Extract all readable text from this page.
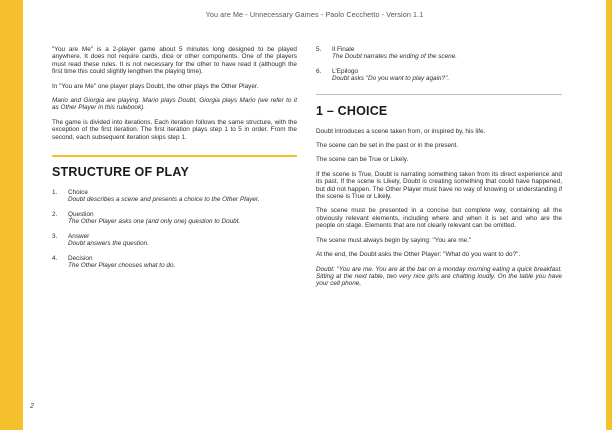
You are Me - Unnecessary Games - Paolo Cecchetto - Version 1.1

"You are Me" is a 2-player game about 5 minutes long designed to be played anywhere. It does not require cards, dice or other components. One of the players must read these rules. It is not necessary for the other to have read it (although the first time this could slightly lengthen the playing time).

In "You are Me" one player plays Doubt, the other plays the Other Player.

Mario and Giorgia are playing. Mario plays Doubt, Giorgia plays Mario (we refer to it as Other Player in this rulebook).

The game is divided into iterations. Each iteration follows the same structure, with the exception of the first iteration. The first iteration plays step 1 to 5 in order. From the second, each subsequent iteration skips step 1.

STRUCTURE OF PLAY
1.	Choice
Doubt describes a scene and presents a choice to the Other Player.
2.	Question
The Other Player asks one (and only one) question to Doubt.
3.	Answer
Doubt answers the question.
4.	Decision
The Other Player chooses what to do.
5.	Il Finale
The Doubt narrates the ending of the scene.
6.	L'Epilogo
Doubt asks "Do you want to play again?".
1 – CHOICE

Doubt introduces a scene taken from, or inspired by, his life.

The scene can be set in the past or in the present.

The scene can be True or Likely.

If the scene is True, Doubt is narrating something taken from its direct experience and its past. If the scene is Likely, Doubt is creating something that could have happened, but did not happen. The Other Player must have no way of knowing or understanding if the scene is True or Likely.

The scene must be presented in a concise but complete way, containing all the obviously relevant elements, including where and when it is set and who are the people on stage. Elements that are not clearly relevant can be omitted.

The scene must always begin by saying: "You are me."

At the end, the Doubt asks the Other Player: "What do you want to do?".

Doubt: "You are me. You are at the bar on a monday morning eating a quick breakfast. Sitting at the next table, two very nice girls are chatting loudly. On the table you have your cell phone,

2
